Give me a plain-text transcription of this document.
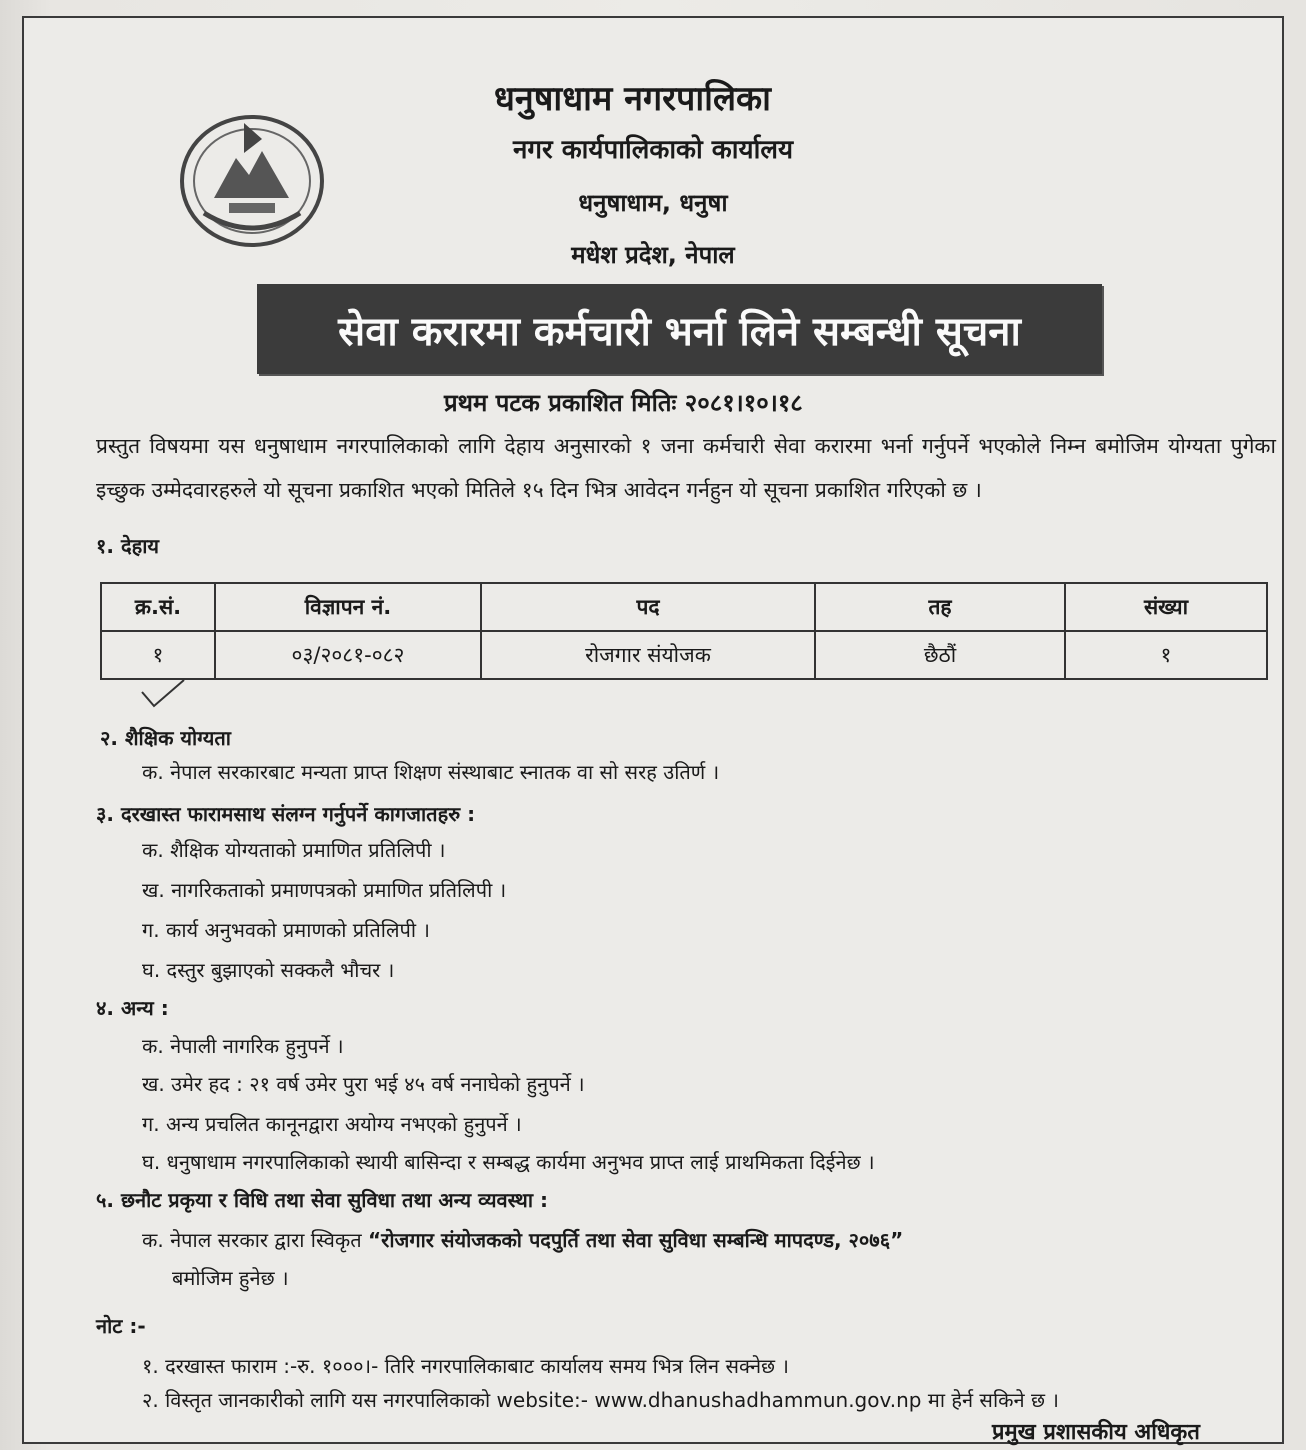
धनुषाधाम नगरपालिका
नगर कार्यपालिकाको कार्यालय
धनुषाधाम, धनुषा
मधेश प्रदेश, नेपाल
सेवा करारमा कर्मचारी भर्ना लिने सम्बन्धी सूचना
प्रथम पटक प्रकाशित मितिः २०८१।१०।१८
प्रस्तुत विषयमा यस धनुषाधाम नगरपालिकाको लागि देहाय अनुसारको १ जना कर्मचारी सेवा करारमा भर्ना गर्नुपर्ने भएकोले निम्न बमोजिम योग्यता पुगेका इच्छुक उम्मेदवारहरुले यो सूचना प्रकाशित भएको मितिले १५ दिन भित्र आवेदन गर्नहुन यो सूचना प्रकाशित गरिएको छ ।
१. देहाय
क्र.सं.	विज्ञापन नं.	पद	तह	संख्या
१	०३/२०८१-०८२	रोजगार संयोजक	छैठौं	१
२. शैक्षिक योग्यता
क. नेपाल सरकारबाट मन्यता प्राप्त शिक्षण संस्थाबाट स्नातक वा सो सरह उतिर्ण ।
३. दरखास्त फारामसाथ संलग्न गर्नुपर्ने कागजातहरु :
क. शैक्षिक योग्यताको प्रमाणित प्रतिलिपी ।
ख. नागरिकताको प्रमाणपत्रको प्रमाणित प्रतिलिपी ।
ग. कार्य अनुभवको प्रमाणको प्रतिलिपी ।
घ. दस्तुर बुझाएको सक्कलै भौचर ।
४. अन्य :
क. नेपाली नागरिक हुनुपर्ने ।
ख. उमेर हद : २१ वर्ष उमेर पुरा भई ४५ वर्ष ननाघेको हुनुपर्ने ।
ग. अन्य प्रचलित कानूनद्वारा अयोग्य नभएको हुनुपर्ने ।
घ. धनुषाधाम नगरपालिकाको स्थायी बासिन्दा र सम्बद्ध कार्यमा अनुभव प्राप्त लाई प्राथमिकता दिईनेछ ।
५. छनौट प्रकृया र विधि तथा सेवा सुविधा तथा अन्य व्यवस्था :
क. नेपाल सरकार द्वारा स्विकृत “रोजगार संयोजकको पदपुर्ति तथा सेवा सुविधा सम्बन्धि मापदण्ड, २०७६”
बमोजिम हुनेछ ।
नोट :-
१. दरखास्त फाराम :-रु. १०००।- तिरि नगरपालिकाबाट कार्यालय समय भित्र लिन सक्नेछ ।
२. विस्तृत जानकारीको लागि यस नगरपालिकाको website:- www.dhanushadhammun.gov.np मा हेर्न सकिने छ ।
प्रमुख प्रशासकीय अधिकृत
